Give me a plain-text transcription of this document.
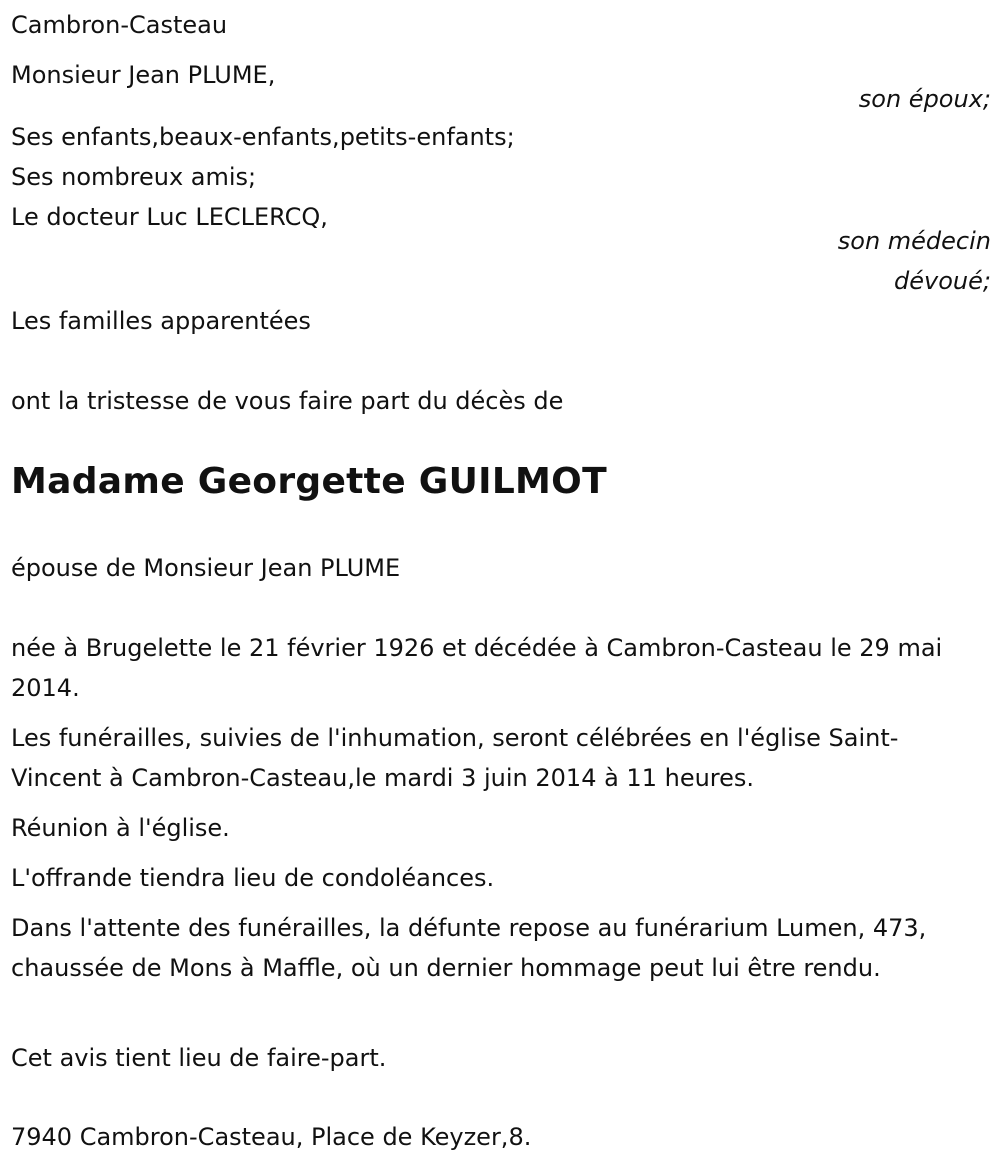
Cambron-Casteau
Monsieur Jean PLUME,
son époux;
Ses enfants,beaux-enfants,petits-enfants;
Ses nombreux amis;
Le docteur Luc LECLERCQ,
son médecin
dévoué;
Les familles apparentées
ont la tristesse de vous faire part du décès de
Madame Georgette GUILMOT
épouse de Monsieur Jean PLUME
née à Brugelette le 21 février 1926 et décédée à Cambron-Casteau le 29 mai 2014.
Les funérailles, suivies de l'inhumation, seront célébrées en l'église Saint-Vincent à Cambron-Casteau,le mardi 3 juin 2014 à 11 heures.
Réunion à l'église.
L'offrande tiendra lieu de condoléances.
Dans l'attente des funérailles, la défunte repose au funérarium Lumen, 473, chaussée de Mons à Maffle, où un dernier hommage peut lui être rendu.
Cet avis tient lieu de faire-part.
7940 Cambron-Casteau, Place de Keyzer,8.
